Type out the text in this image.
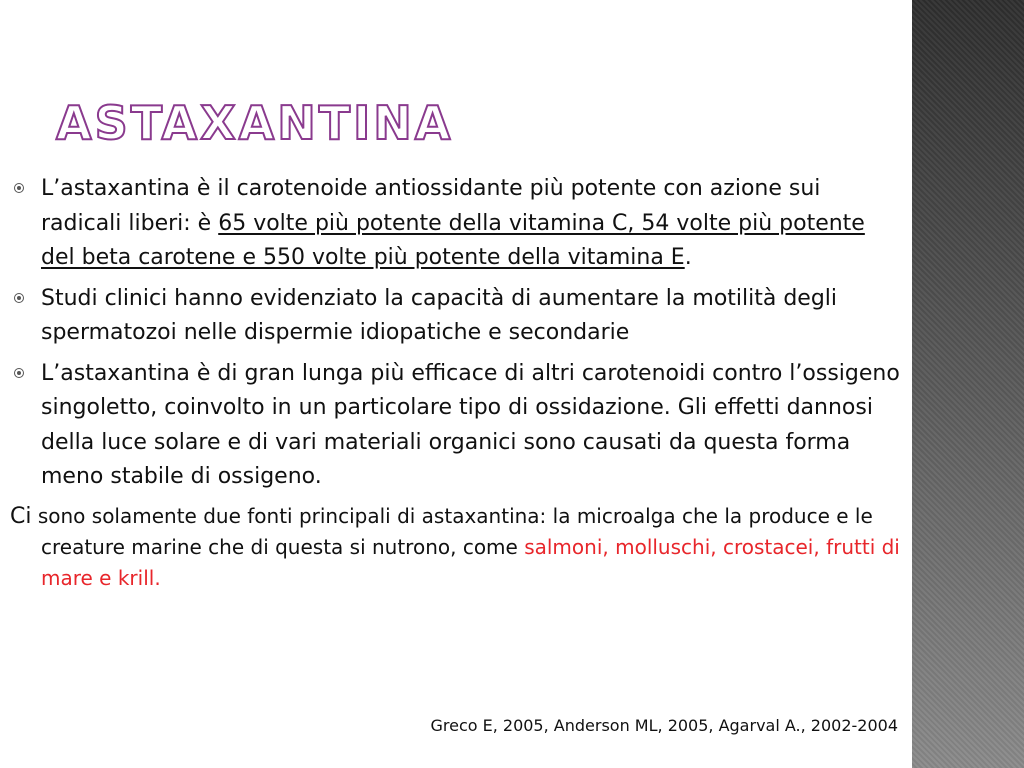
ASTAXANTINA
L’astaxantina è il carotenoide antiossidante più potente con azione sui radicali liberi: è 65 volte più potente della vitamina C, 54 volte più potente del beta carotene e 550 volte più potente della vitamina E.
Studi clinici hanno evidenziato la capacità di aumentare la motilità degli spermatozoi nelle dispermie idiopatiche e secondarie
L’astaxantina è di gran lunga più efficace di altri carotenoidi contro l’ossigeno singoletto, coinvolto in un particolare tipo di ossidazione. Gli effetti dannosi della luce solare e di vari materiali organici sono causati da questa forma meno stabile di ossigeno.
Ci sono solamente due fonti principali di astaxantina: la microalga che la produce e le creature marine che di questa si nutrono, come salmoni, molluschi, crostacei, frutti di mare e krill.
Greco E, 2005, Anderson ML, 2005, Agarval A., 2002-2004
